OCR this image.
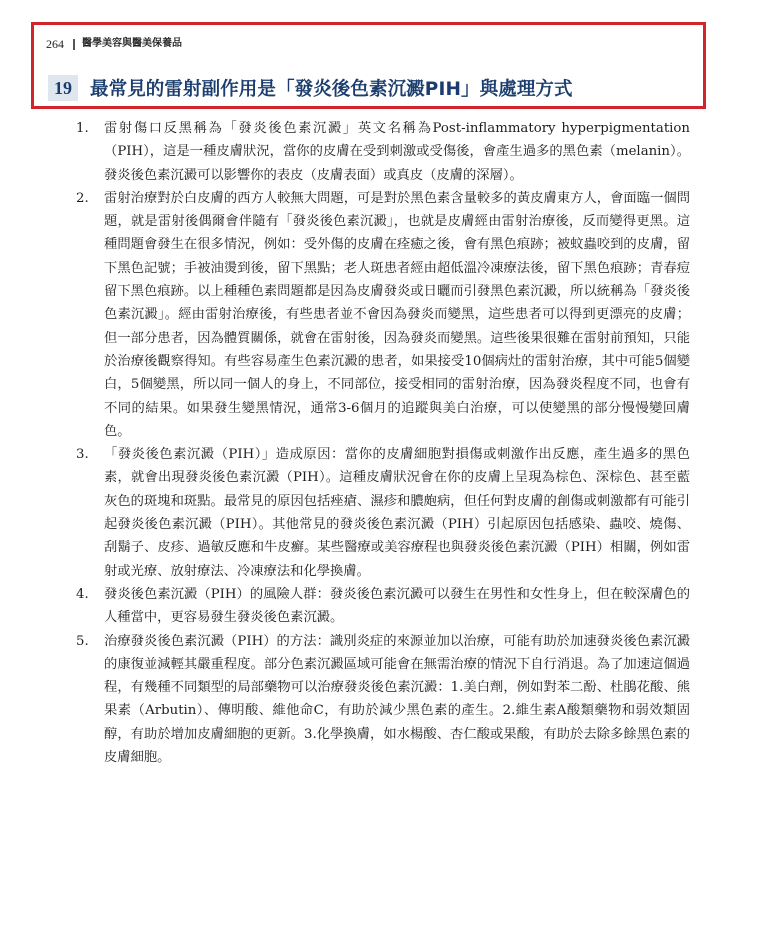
264 醫學美容與醫美保養品
19 最常見的雷射副作用是「發炎後色素沉澱PIH」與處理方式
1.	雷射傷口反黑稱為「發炎後色素沉澱」英文名稱為Post-inflammatory hyperpigmentation（PIH），這是一種皮膚狀況，當你的皮膚在受到刺激或受傷後，會產生過多的黑色素（melanin）。發炎後色素沉澱可以影響你的表皮（皮膚表面）或真皮（皮膚的深層）。
2.	雷射治療對於白皮膚的西方人較無大問題，可是對於黑色素含量較多的黃皮膚東方人，會面臨一個問題，就是雷射後偶爾會伴隨有「發炎後色素沉澱」，也就是皮膚經由雷射治療後，反而變得更黑。這種問題會發生在很多情況，例如：受外傷的皮膚在痊癒之後，會有黑色痕跡；被蚊蟲咬到的皮膚，留下黑色記號；手被油燙到後，留下黑點；老人斑患者經由超低溫冷凍療法後，留下黑色痕跡；青春痘留下黑色痕跡。以上種種色素問題都是因為皮膚發炎或日曬而引發黑色素沉澱，所以統稱為「發炎後色素沉澱」。經由雷射治療後，有些患者並不會因為發炎而變黑，這些患者可以得到更漂亮的皮膚；但一部分患者，因為體質關係，就會在雷射後，因為發炎而變黑。這些後果很難在雷射前預知，只能於治療後觀察得知。有些容易產生色素沉澱的患者，如果接受10個病灶的雷射治療，其中可能5個變白，5個變黑，所以同一個人的身上，不同部位，接受相同的雷射治療，因為發炎程度不同，也會有不同的結果。如果發生變黑情況，通常3-6個月的追蹤與美白治療，可以使變黑的部分慢慢變回膚色。
3.	「發炎後色素沉澱（PIH）」造成原因：當你的皮膚細胞對損傷或刺激作出反應，產生過多的黑色素，就會出現發炎後色素沉澱（PIH）。這種皮膚狀況會在你的皮膚上呈現為棕色、深棕色、甚至藍灰色的斑塊和斑點。最常見的原因包括痤瘡、濕疹和膿皰病，但任何對皮膚的創傷或刺激都有可能引起發炎後色素沉澱（PIH）。其他常見的發炎後色素沉澱（PIH）引起原因包括感染、蟲咬、燒傷、刮鬍子、皮疹、過敏反應和牛皮癬。某些醫療或美容療程也與發炎後色素沉澱（PIH）相關，例如雷射或光療、放射療法、冷凍療法和化學換膚。
4.	發炎後色素沉澱（PIH）的風險人群：發炎後色素沉澱可以發生在男性和女性身上，但在較深膚色的人種當中，更容易發生發炎後色素沉澱。
5.	治療發炎後色素沉澱（PIH）的方法：識別炎症的來源並加以治療，可能有助於加速發炎後色素沉澱的康復並減輕其嚴重程度。部分色素沉澱區域可能會在無需治療的情況下自行消退。為了加速這個過程，有幾種不同類型的局部藥物可以治療發炎後色素沉澱：1.美白劑，例如對苯二酚、杜鵑花酸、熊果素（Arbutin）、傳明酸、維他命C，有助於減少黑色素的產生。2.維生素A酸類藥物和弱效類固醇，有助於增加皮膚細胞的更新。3.化學換膚，如水楊酸、杏仁酸或果酸，有助於去除多餘黑色素的皮膚細胞。
